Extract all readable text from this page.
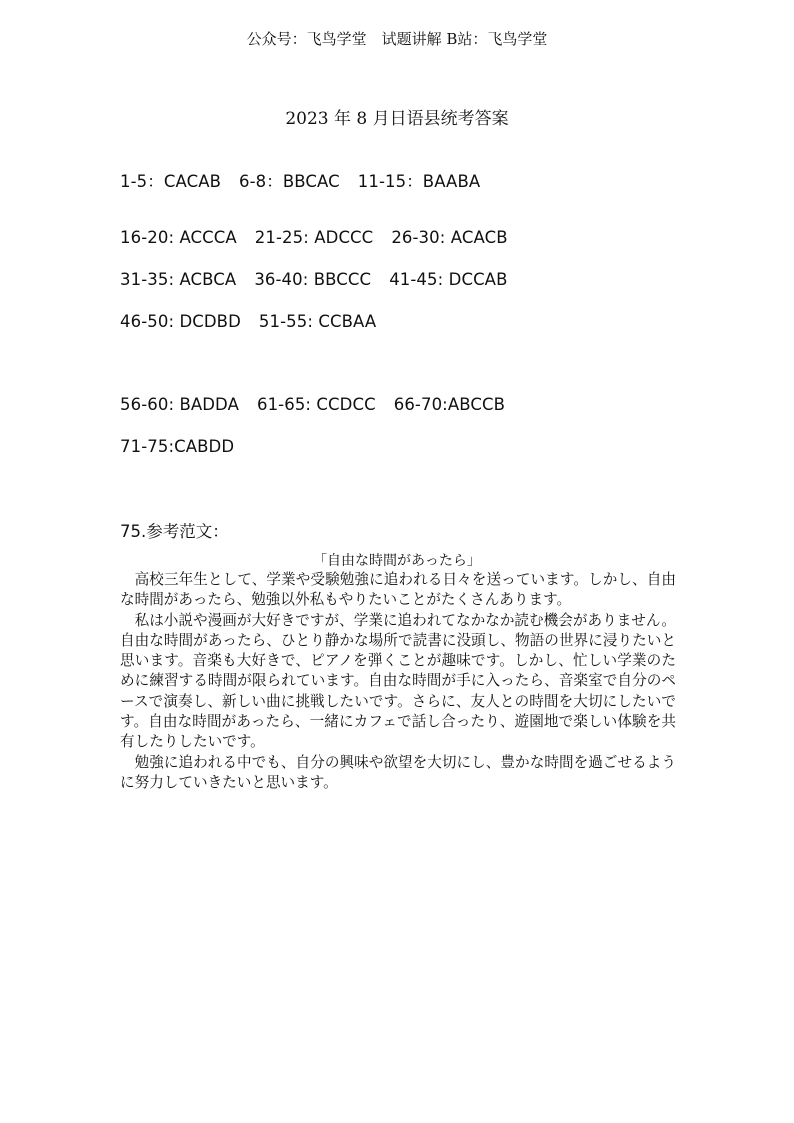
公众号：飞鸟学堂　试题讲解 B站：飞鸟学堂
2023 年 8 月日语县统考答案
1-5：CACAB 6-8：BBCAC 11-15：BAABA
16-20: ACCCA 21-25: ADCCC 26-30: ACACB
31-35: ACBCA 36-40: BBCCC 41-45: DCCAB
46-50: DCDBD 51-55: CCBAA
56-60: BADDA 61-65: CCDCC 66-70:ABCCB
71-75:CABDD
75.参考范文：
「自由な時間があったら」

高校三年生として、学業や受験勉強に追われる日々を送っています。しかし、自由な時間があったら、勉強以外私もやりたいことがたくさんあります。

私は小説や漫画が大好きですが、学業に追われてなかなか読む機会がありません。自由な時間があったら、ひとり静かな場所で読書に没頭し、物語の世界に浸りたいと思います。音楽も大好きで、ピアノを弾くことが趣味です。しかし、忙しい学業のために練習する時間が限られています。自由な時間が手に入ったら、音楽室で自分のペースで演奏し、新しい曲に挑戦したいです。さらに、友人との時間を大切にしたいです。自由な時間があったら、一緒にカフェで話し合ったり、遊園地で楽しい体験を共有したりしたいです。

勉強に追われる中でも、自分の興味や欲望を大切にし、豊かな時間を過ごせるように努力していきたいと思います。
